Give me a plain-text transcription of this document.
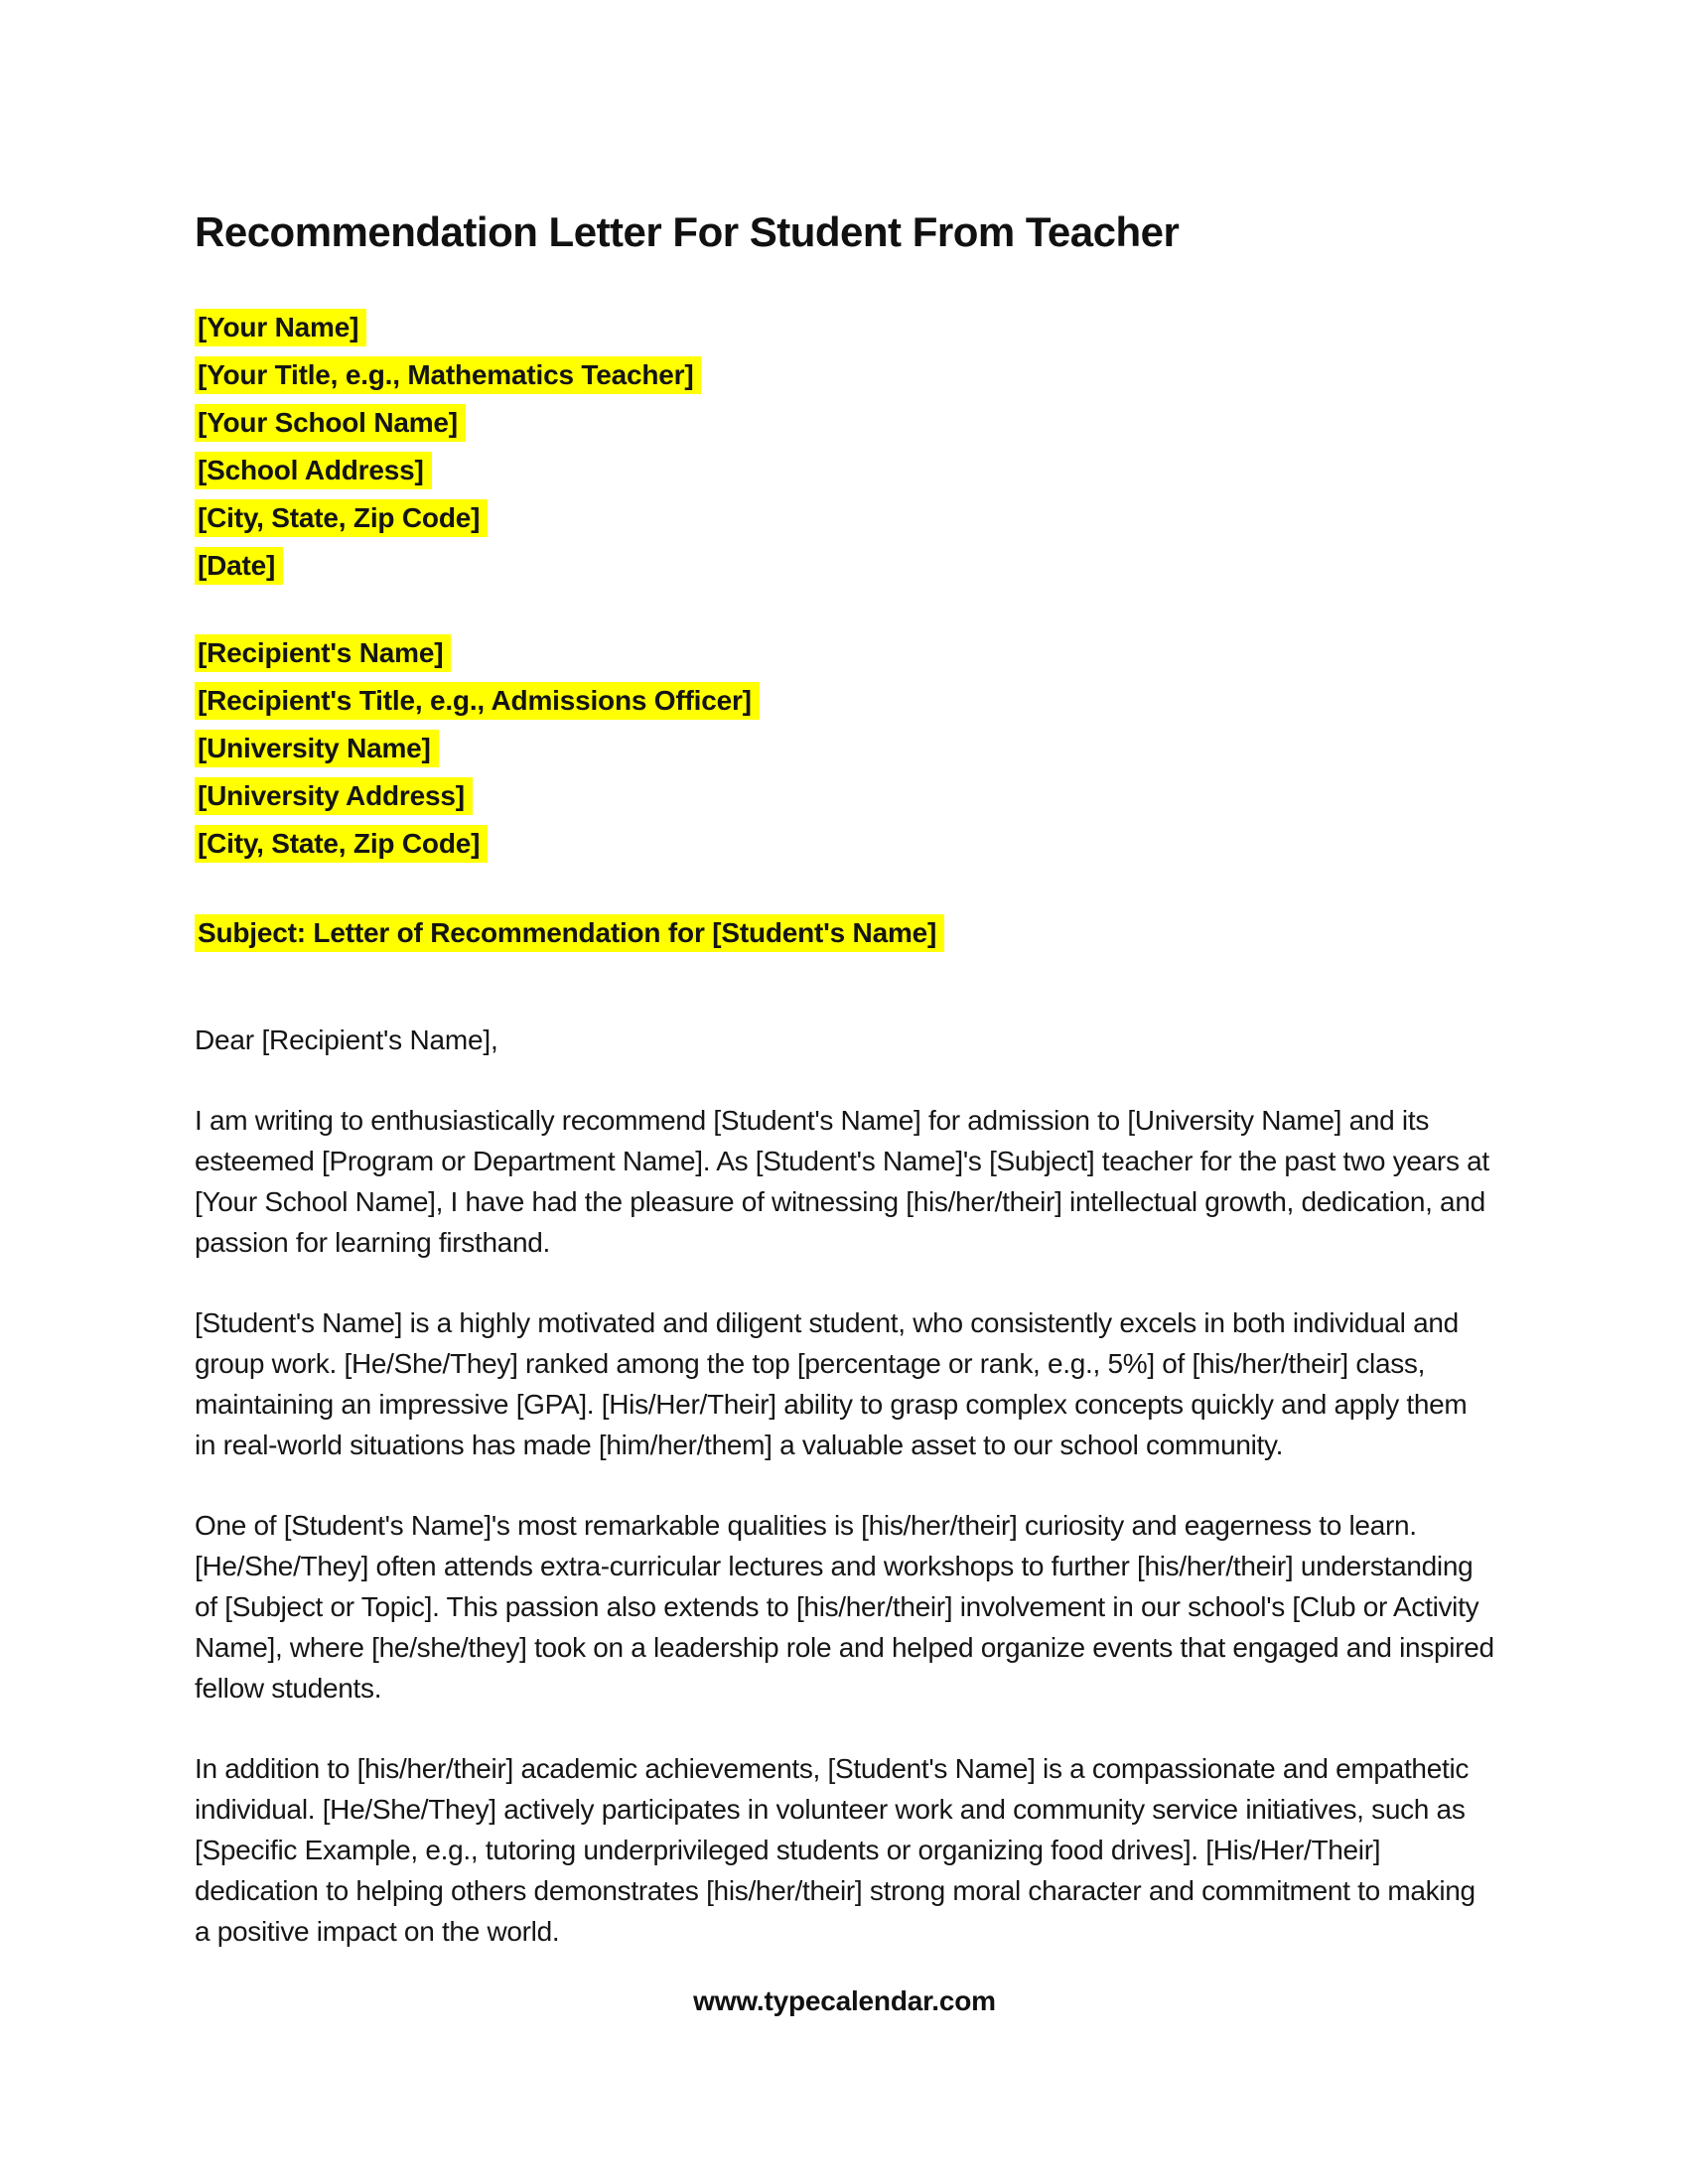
Recommendation Letter For Student From Teacher
[Your Name]
[Your Title, e.g., Mathematics Teacher]
[Your School Name]
[School Address]
[City, State, Zip Code]
[Date]
[Recipient's Name]
[Recipient's Title, e.g., Admissions Officer]
[University Name]
[University Address]
[City, State, Zip Code]
Subject: Letter of Recommendation for [Student's Name]

Dear [Recipient's Name],

I am writing to enthusiastically recommend [Student's Name] for admission to [University Name] and its esteemed [Program or Department Name]. As [Student's Name]'s [Subject] teacher for the past two years at [Your School Name], I have had the pleasure of witnessing [his/her/their] intellectual growth, dedication, and passion for learning firsthand.

[Student's Name] is a highly motivated and diligent student, who consistently excels in both individual and group work. [He/She/They] ranked among the top [percentage or rank, e.g., 5%] of [his/her/their] class, maintaining an impressive [GPA]. [His/Her/Their] ability to grasp complex concepts quickly and apply them in real-world situations has made [him/her/them] a valuable asset to our school community.

One of [Student's Name]'s most remarkable qualities is [his/her/their] curiosity and eagerness to learn. [He/She/They] often attends extra-curricular lectures and workshops to further [his/her/their] understanding of [Subject or Topic]. This passion also extends to [his/her/their] involvement in our school's [Club or Activity Name], where [he/she/they] took on a leadership role and helped organize events that engaged and inspired fellow students.

In addition to [his/her/their] academic achievements, [Student's Name] is a compassionate and empathetic individual. [He/She/They] actively participates in volunteer work and community service initiatives, such as [Specific Example, e.g., tutoring underprivileged students or organizing food drives]. [His/Her/Their] dedication to helping others demonstrates [his/her/their] strong moral character and commitment to making a positive impact on the world.

www.typecalendar.com
